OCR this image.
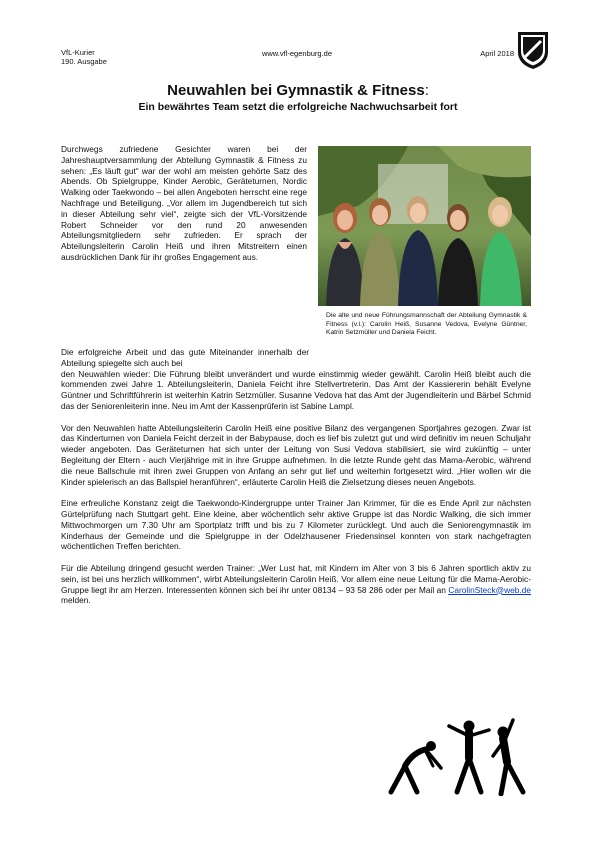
VfL-Kurier
190. Ausgabe
www.vfl-egenburg.de	April 2018
Neuwahlen bei Gymnastik & Fitness:
Ein bewährtes Team setzt die erfolgreiche Nachwuchsarbeit fort

Durchwegs zufriedene Gesichter waren bei der Jahreshauptversammlung der Abteilung Gymnastik & Fitness zu sehen: „Es läuft gut“ war der wohl am meisten gehörte Satz des Abends. Ob Spielgruppe, Kinder Aerobic, Geräteturnen, Nordic Walking oder Taekwondo – bei allen Angeboten herrscht eine rege Nachfrage und Beteiligung. „Vor allem im Jugendbereich tut sich in dieser Abteilung sehr viel“, zeigte sich der VfL-Vorsitzende Robert Schneider vor den rund 20 anwesenden Abteilungsmitgliedern sehr zufrieden. Er sprach der Abteilungsleiterin Carolin Heiß und ihren Mitstreitern einen ausdrücklichen Dank für ihr großes Engagement aus.

Die alte und neue Führungsmannschaft der Abteilung Gymnastik & Fitness (v.l.): Carolin Heiß, Susanne Vedova, Evelyne Güntner, Katrin Setzmüller und Daniela Feicht.

Die erfolgreiche Arbeit und das gute Miteinander innerhalb der Abteilung spiegelte sich auch bei
den Neuwahlen wieder: Die Führung bleibt unverändert und wurde einstimmig wieder gewählt. Carolin Heiß bleibt auch die kommenden zwei Jahre 1. Abteilungsleiterin, Daniela Feicht ihre Stellvertreterin. Das Amt der Kassiererin behält Evelyne Güntner und Schriftführerin ist weiterhin Katrin Setzmüller. Susanne Vedova hat das Amt der Jugendleiterin und Bärbel Schmid das der Seniorenleiterin inne. Neu im Amt der Kassenprüferin ist Sabine Lampl.

Vor den Neuwahlen hatte Abteilungsleiterin Carolin Heiß eine positive Bilanz des vergangenen Sportjahres gezogen. Zwar ist das Kinderturnen von Daniela Feicht derzeit in der Babypause, doch es lief bis zuletzt gut und wird definitiv im neuen Schuljahr wieder angeboten. Das Geräteturnen hat sich unter der Leitung von Susi Vedova stabilisiert, sie wird zukünftig – unter Begleitung der Eltern - auch Vierjährige mit in ihre Gruppe aufnehmen. In die letzte Runde geht das Mama-Aerobic, während die neue Ballschule mit ihren zwei Gruppen von Anfang an sehr gut lief und weiterhin fortgesetzt wird. „Hier wollen wir die Kinder spielerisch an das Ballspiel heranführen“, erläuterte Carolin Heiß die Zielsetzung dieses neuen Angebots.

Eine erfreuliche Konstanz zeigt die Taekwondo-Kindergruppe unter Trainer Jan Krimmer, für die es Ende April zur nächsten Gürtelprüfung nach Stuttgart geht. Eine kleine, aber wöchentlich sehr aktive Gruppe ist das Nordic Walking, die sich immer Mittwochmorgen um 7.30 Uhr am Sportplatz trifft und bis zu 7 Kilometer zurücklegt. Und auch die Seniorengymnastik im Kinderhaus der Gemeinde und die Spielgruppe in der Odelzhausener Friedensinsel konnten von stark nachgefragten wöchentlichen Treffen berichten.

Für die Abteilung dringend gesucht werden Trainer: „Wer Lust hat, mit Kindern im Alter von 3 bis 6 Jahren sportlich aktiv zu sein, ist bei uns herzlich willkommen“, wirbt Abteilungsleiterin Carolin Heiß. Vor allem eine neue Leitung für die Mama-Aerobic-Gruppe liegt ihr am Herzen. Interessenten können sich bei ihr unter 08134 – 93 58 286 oder per Mail an CarolinSteck@web.de melden.
